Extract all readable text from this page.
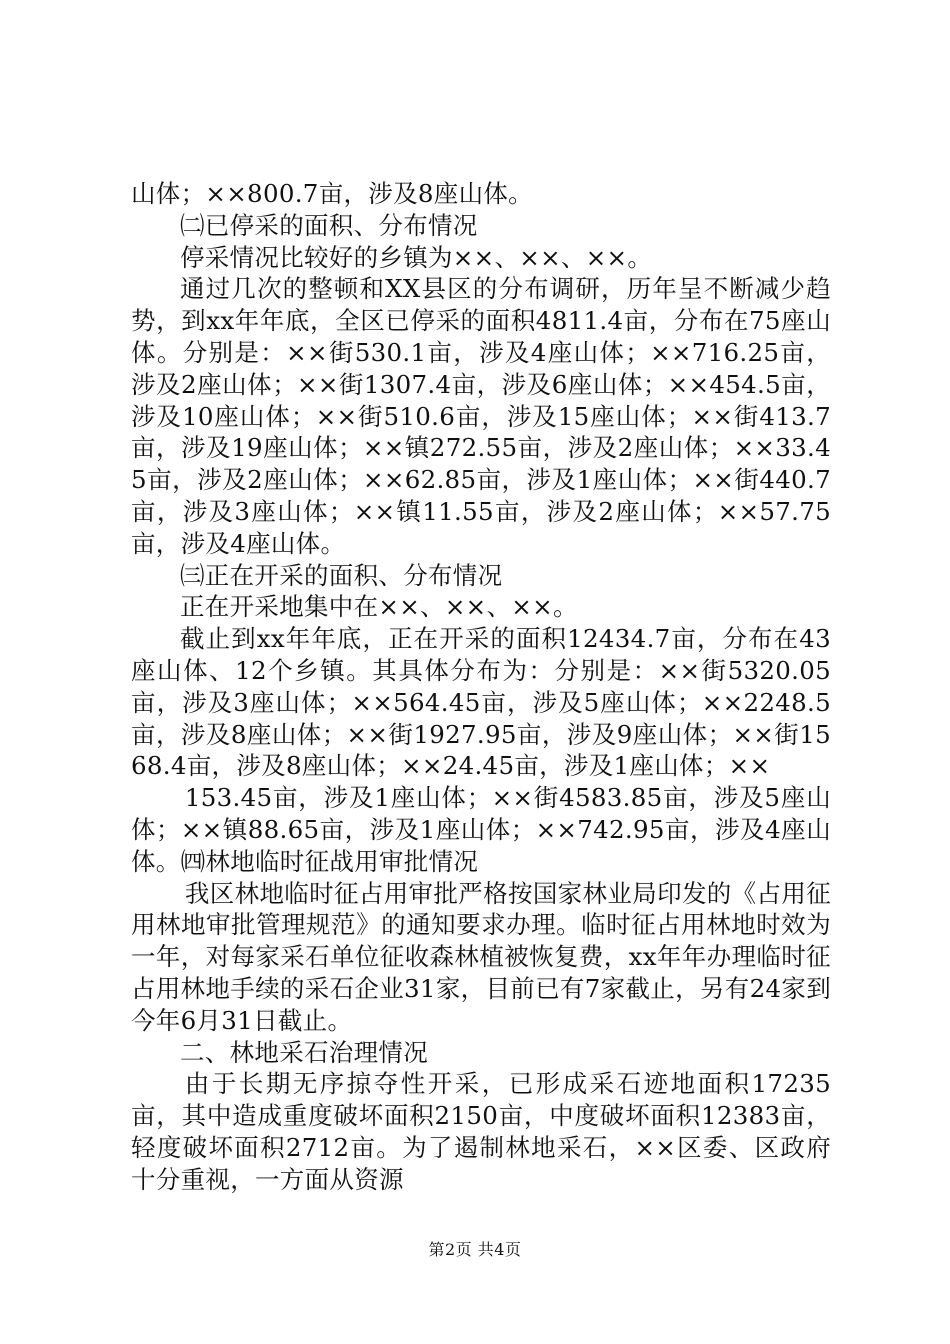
山体；××800.7亩，涉及8座山体。

㈡已停采的面积、分布情况

停采情况比较好的乡镇为××、××、××。

通过几次的整顿和XX县区的分布调研，历年呈不断减少趋势，到xx年年底，全区已停采的面积4811.4亩，分布在75座山体。分别是：××街530.1亩，涉及4座山体；××716.25亩，涉及2座山体；××街1307.4亩，涉及6座山体；××454.5亩，涉及10座山体；××街510.6亩，涉及15座山体；××街413.7亩，涉及19座山体；××镇272.55亩，涉及2座山体；××33.45亩，涉及2座山体；××62.85亩，涉及1座山体；××街440.7亩，涉及3座山体；××镇11.55亩，涉及2座山体；××57.75亩，涉及4座山体。

㈢正在开采的面积、分布情况

正在开采地集中在××、××、××。

截止到xx年年底，正在开采的面积12434.7亩，分布在43座山体、12个乡镇。其具体分布为：分别是：××街5320.05亩，涉及3座山体；××564.45亩，涉及5座山体；××2248.5亩，涉及8座山体；××街1927.95亩，涉及9座山体；××街1568.4亩，涉及8座山体；××24.45亩，涉及1座山体；××

153.45亩，涉及1座山体；××街4583.85亩，涉及5座山体；××镇88.65亩，涉及1座山体；××742.95亩，涉及4座山体。㈣林地临时征战用审批情况

我区林地临时征占用审批严格按国家林业局印发的《占用征用林地审批管理规范》的通知要求办理。临时征占用林地时效为一年，对每家采石单位征收森林植被恢复费，xx年年办理临时征占用林地手续的采石企业31家，目前已有7家截止，另有24家到今年6月31日截止。

二、林地采石治理情况

由于长期无序掠夺性开采，已形成采石迹地面积17235亩，其中造成重度破坏面积2150亩，中度破坏面积12383亩，轻度破坏面积2712亩。为了遏制林地采石，××区委、区政府十分重视，一方面从资源

第2页 共4页
